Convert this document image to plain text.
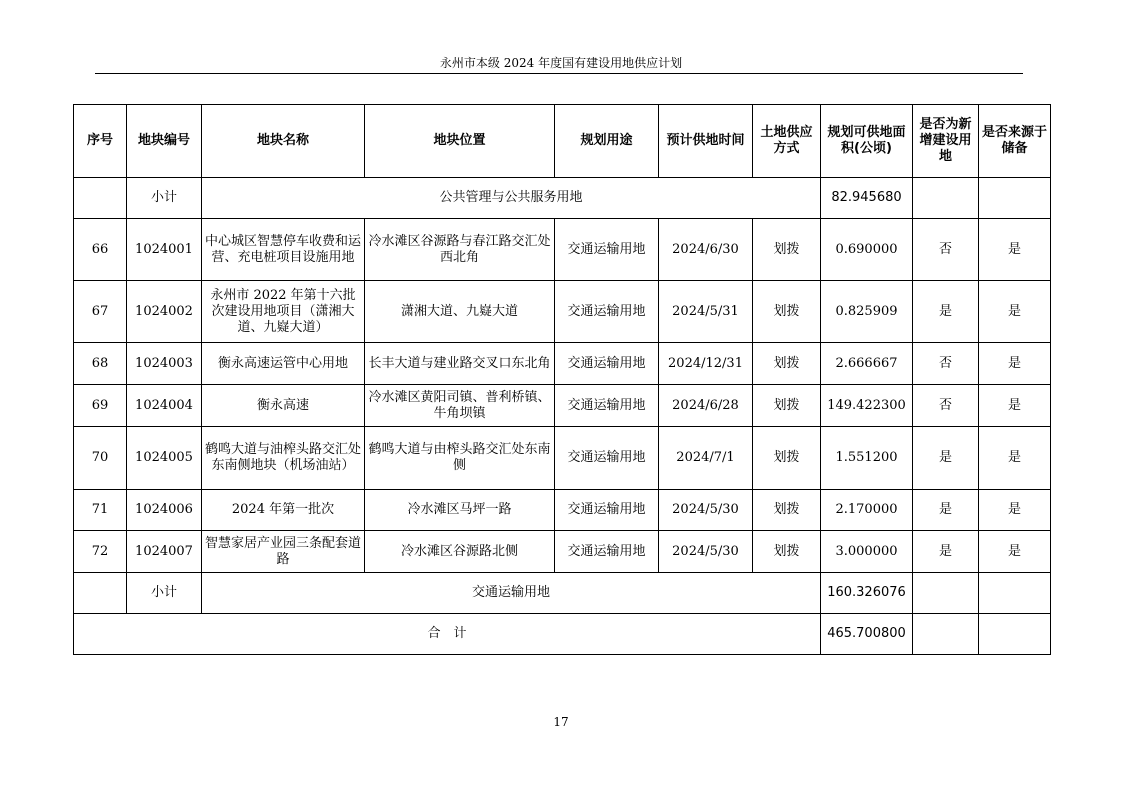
永州市本级 2024 年度国有建设用地供应计划
序号	地块编号	地块名称	地块位置	规划用途	预计供地时间	土地供应方式	规划可供地面积(公顷)	是否为新增建设用地	是否来源于储备
	小计	公共管理与公共服务用地					82.945680		
66	1024001	中心城区智慧停车收费和运营、充电桩项目设施用地	冷水滩区谷源路与春江路交汇处西北角	交通运输用地	2024/6/30	划拨	0.690000	否	是
67	1024002	永州市 2022 年第十六批次建设用地项目（潇湘大道、九嶷大道）	潇湘大道、九嶷大道	交通运输用地	2024/5/31	划拨	0.825909	是	是
68	1024003	衡永高速运管中心用地	长丰大道与建业路交叉口东北角	交通运输用地	2024/12/31	划拨	2.666667	否	是
69	1024004	衡永高速	冷水滩区黄阳司镇、普利桥镇、牛角坝镇	交通运输用地	2024/6/28	划拨	149.422300	否	是
70	1024005	鹤鸣大道与油榨头路交汇处东南侧地块（机场油站）	鹤鸣大道与由榨头路交汇处东南侧	交通运输用地	2024/7/1	划拨	1.551200	是	是
71	1024006	2024 年第一批次	冷水滩区马坪一路	交通运输用地	2024/5/30	划拨	2.170000	是	是
72	1024007	智慧家居产业园三条配套道路	冷水滩区谷源路北侧	交通运输用地	2024/5/30	划拨	3.000000	是	是
	小计	交通运输用地					160.326076		
合　计							465.700800		
17
